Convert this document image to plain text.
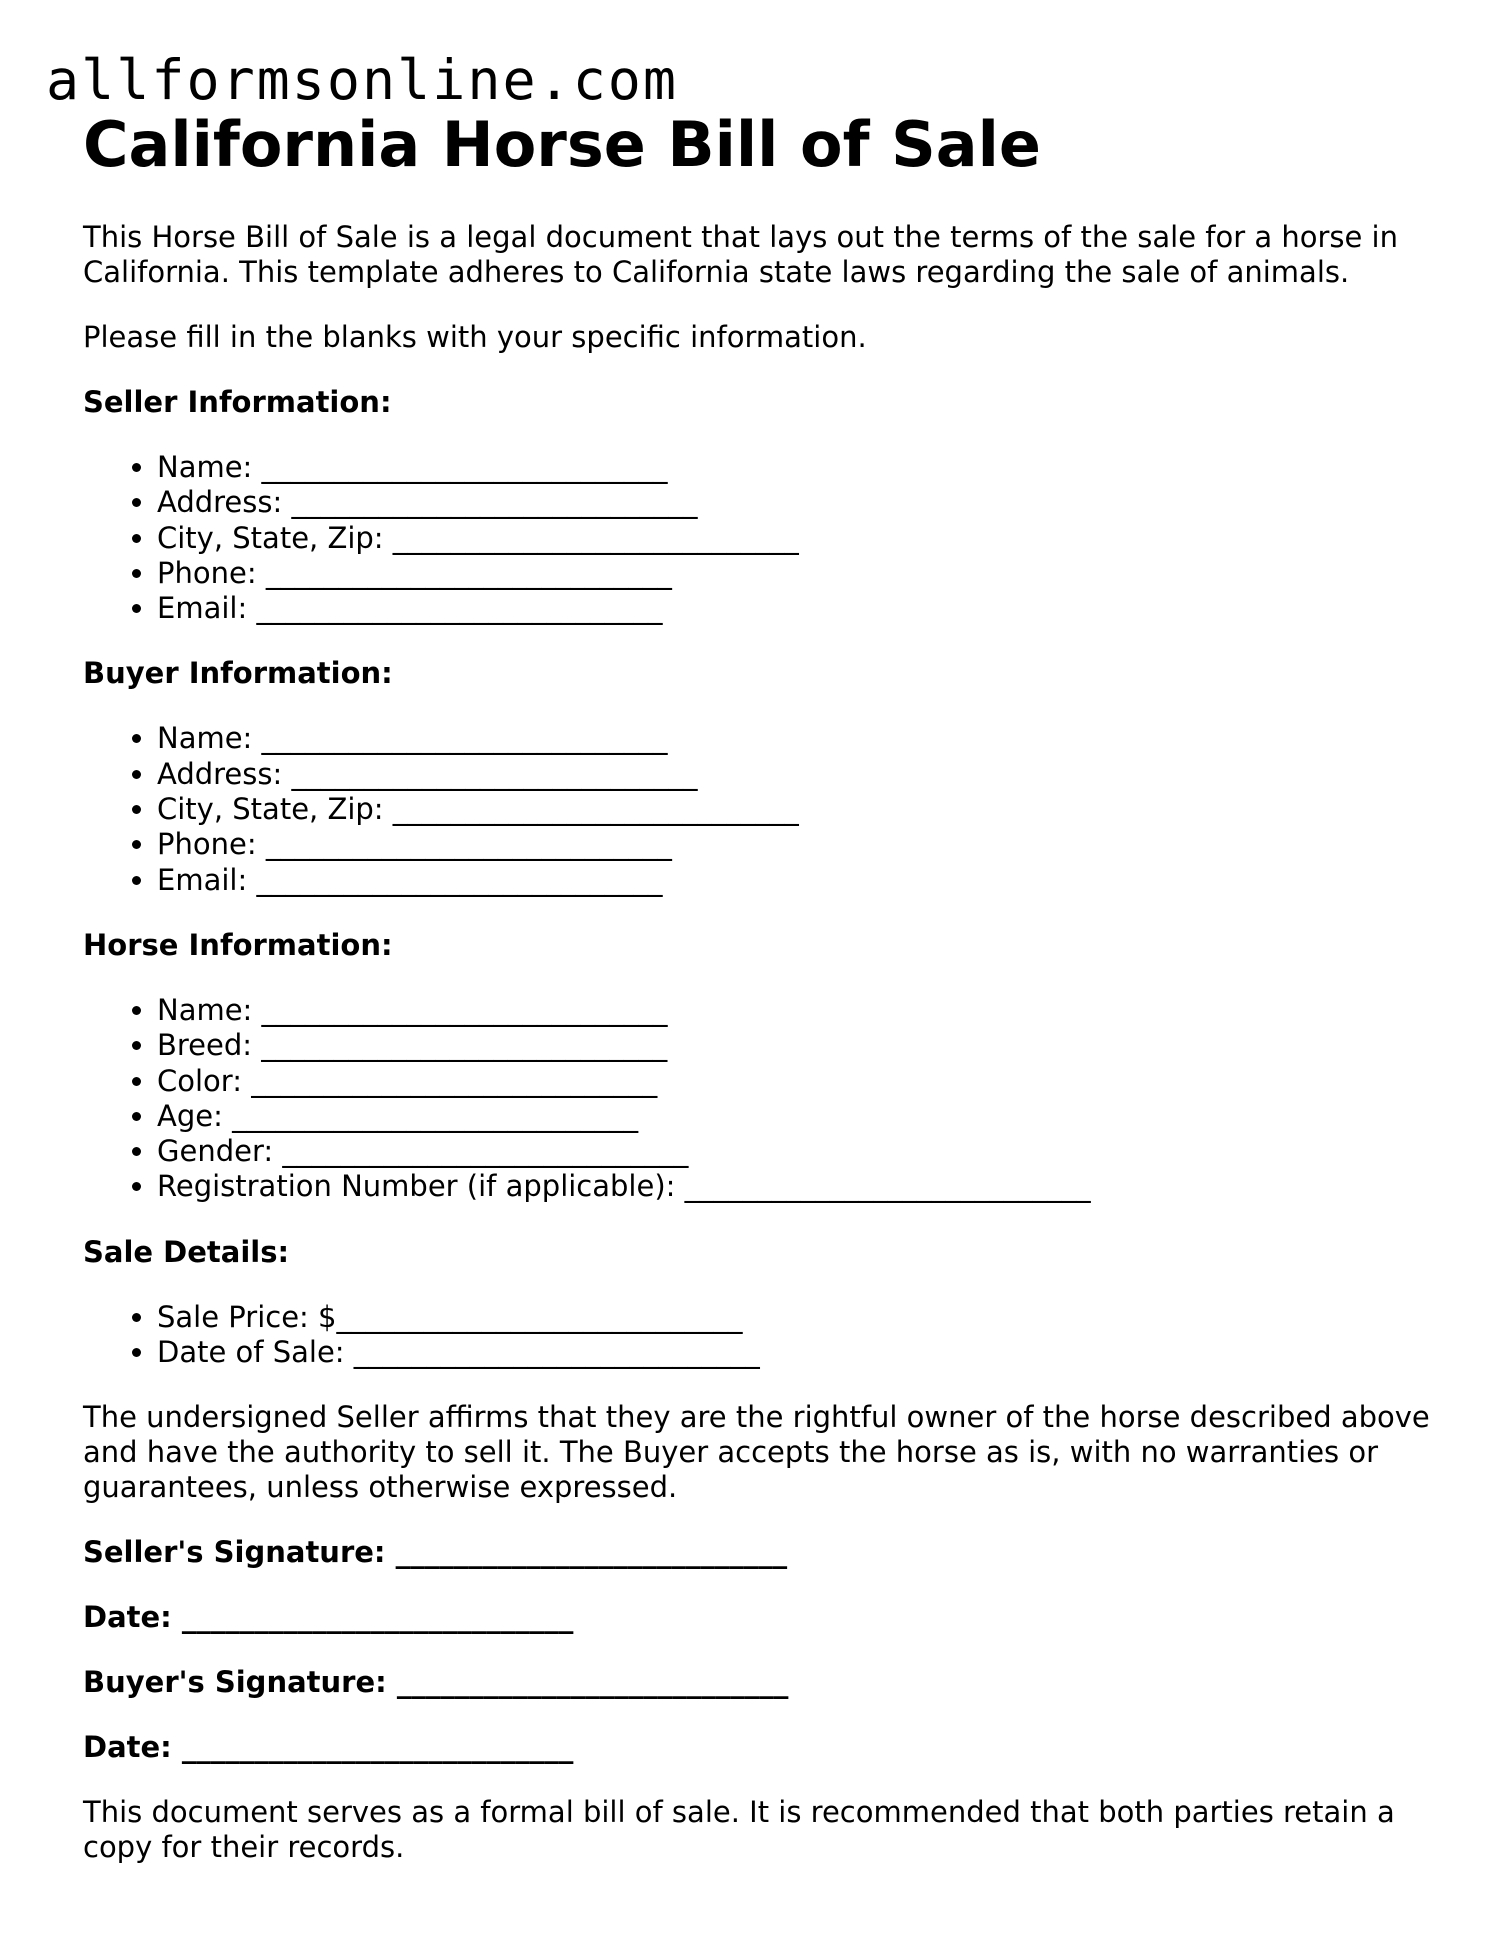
allformsonline.com
California Horse Bill of Sale

This Horse Bill of Sale is a legal document that lays out the terms of the sale for a horse in California. This template adheres to California state laws regarding the sale of animals.

Please fill in the blanks with your specific information.

Seller Information:

• Name: ____________________________
• Address: ____________________________
• City, State, Zip: ____________________________
• Phone: ____________________________
• Email: ____________________________

Buyer Information:

• Name: ____________________________
• Address: ____________________________
• City, State, Zip: ____________________________
• Phone: ____________________________
• Email: ____________________________

Horse Information:

• Name: ____________________________
• Breed: ____________________________
• Color: ____________________________
• Age: ____________________________
• Gender: ____________________________
• Registration Number (if applicable): ____________________________

Sale Details:

• Sale Price: $____________________________
• Date of Sale: ____________________________

The undersigned Seller affirms that they are the rightful owner of the horse described above and have the authority to sell it. The Buyer accepts the horse as is, with no warranties or guarantees, unless otherwise expressed.

Seller's Signature: ___________________________

Date: ___________________________

Buyer's Signature: ___________________________

Date: ___________________________

This document serves as a formal bill of sale. It is recommended that both parties retain a copy for their records.
